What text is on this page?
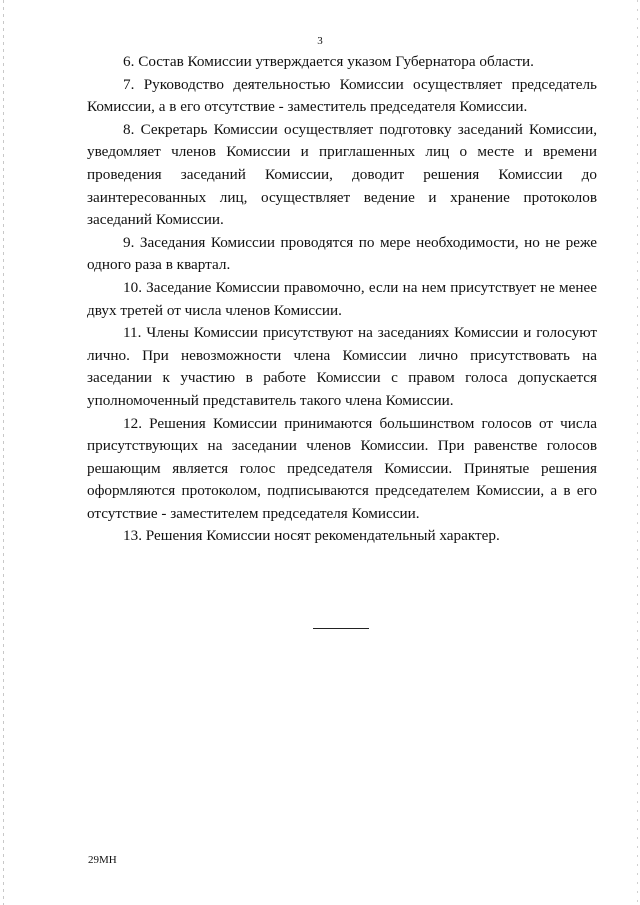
3

6. Состав Комиссии утверждается указом Губернатора области.

7. Руководство деятельностью Комиссии осуществляет председатель Комиссии, а в его отсутствие - заместитель председателя Комиссии.

8. Секретарь Комиссии осуществляет подготовку заседаний Комиссии, уведомляет членов Комиссии и приглашенных лиц о месте и времени проведения заседаний Комиссии, доводит решения Комиссии до заинтересованных лиц, осуществляет ведение и хранение протоколов заседаний Комиссии.

9. Заседания Комиссии проводятся по мере необходимости, но не реже одного раза в квартал.

10. Заседание Комиссии правомочно, если на нем присутствует не менее двух третей от числа членов Комиссии.

11. Члены Комиссии присутствуют на заседаниях Комиссии и голосуют лично. При невозможности члена Комиссии лично присутствовать на заседании к участию в работе Комиссии с правом голоса допускается уполномоченный представитель такого члена Комиссии.

12. Решения Комиссии принимаются большинством голосов от числа присутствующих на заседании членов Комиссии. При равенстве голосов решающим является голос председателя Комиссии. Принятые решения оформляются протоколом, подписываются председателем Комиссии, а в его отсутствие - заместителем председателя Комиссии.

13. Решения Комиссии носят рекомендательный характер.

29МН
